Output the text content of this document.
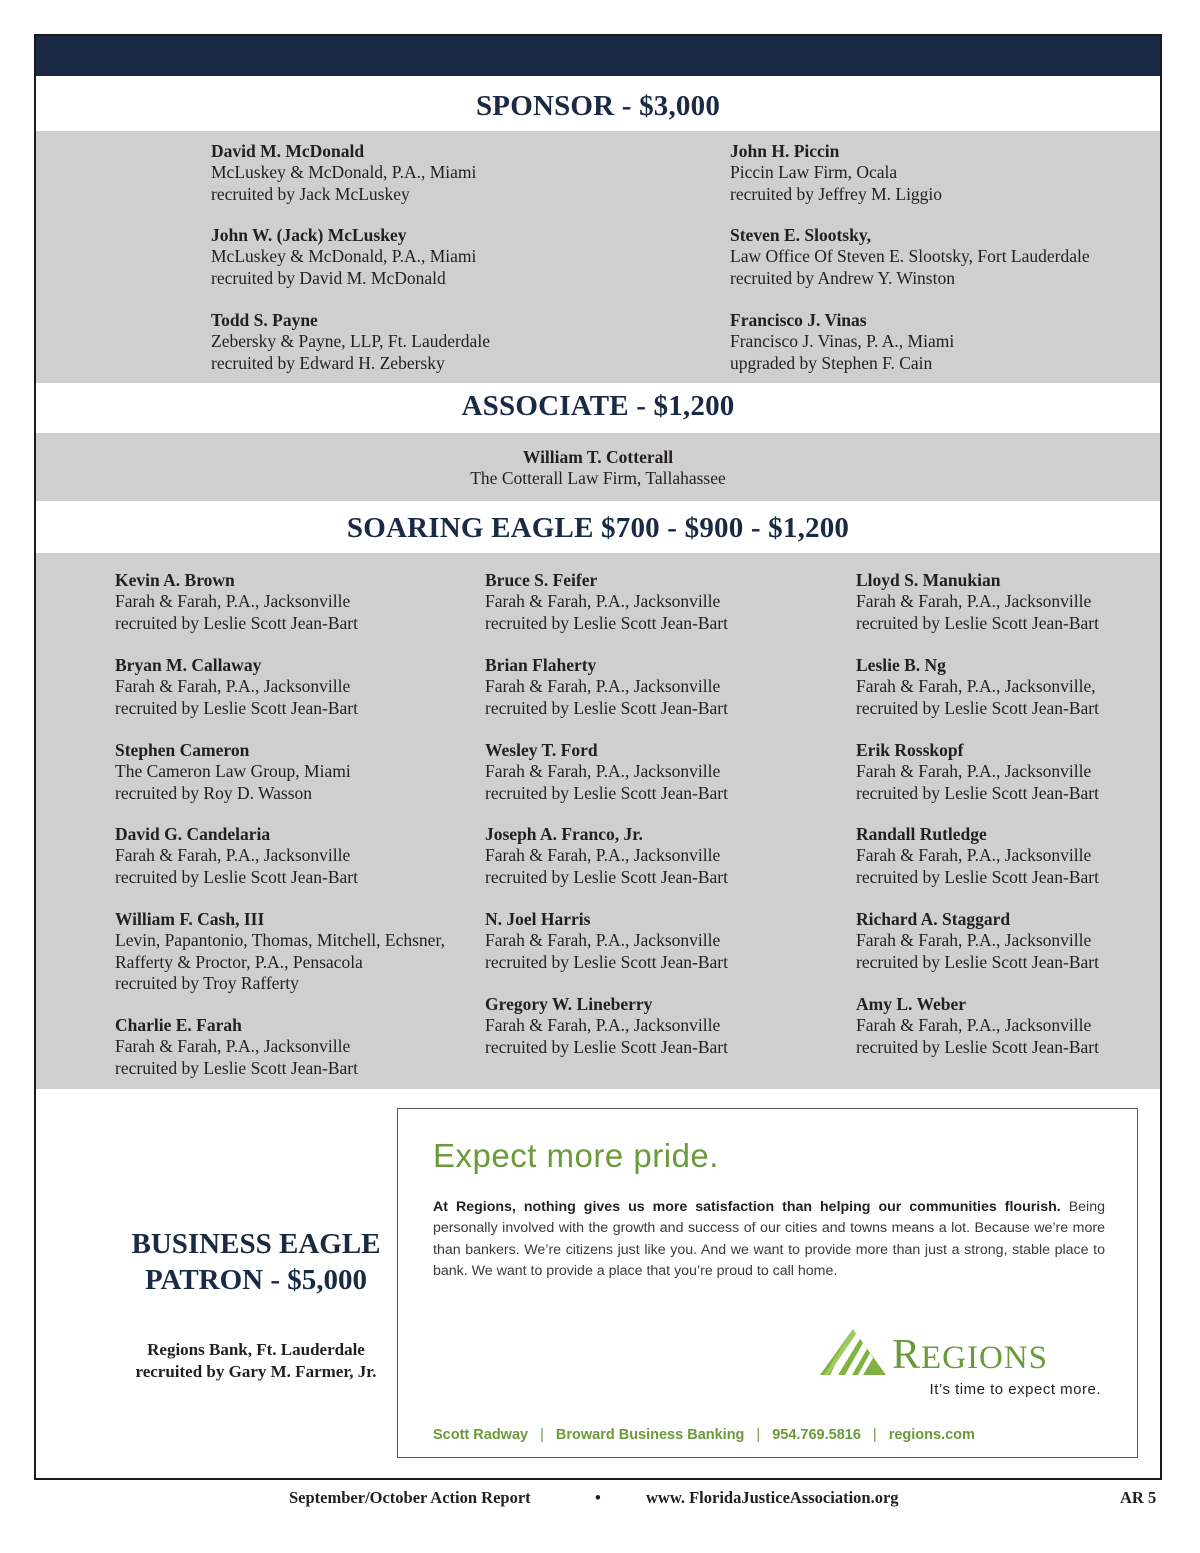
SPONSOR - $3,000
David M. McDonald
McLuskey & McDonald, P.A., Miami
recruited by Jack McLuskey
John W. (Jack) McLuskey
McLuskey & McDonald, P.A., Miami
recruited by David M. McDonald
Todd S. Payne
Zebersky & Payne, LLP, Ft. Lauderdale
recruited by Edward H. Zebersky
John H. Piccin
Piccin Law Firm, Ocala
recruited by Jeffrey M. Liggio
Steven E. Slootsky,
Law Office Of Steven E. Slootsky, Fort Lauderdale
recruited by Andrew Y. Winston
Francisco J. Vinas
Francisco J. Vinas, P. A., Miami
upgraded by Stephen F. Cain
ASSOCIATE - $1,200
William T. Cotterall
The Cotterall Law Firm, Tallahassee
SOARING EAGLE $700 - $900 - $1,200
Kevin A. Brown
Farah & Farah, P.A., Jacksonville
recruited by Leslie Scott Jean-Bart
Bryan M. Callaway
Farah & Farah, P.A., Jacksonville
recruited by Leslie Scott Jean-Bart
Stephen Cameron
The Cameron Law Group, Miami
recruited by Roy D. Wasson
David G. Candelaria
Farah & Farah, P.A., Jacksonville
recruited by Leslie Scott Jean-Bart
William F. Cash, III
Levin, Papantonio, Thomas, Mitchell, Echsner,
Rafferty & Proctor, P.A., Pensacola
recruited by Troy Rafferty
Charlie E. Farah
Farah & Farah, P.A., Jacksonville
recruited by Leslie Scott Jean-Bart
Bruce S. Feifer
Farah & Farah, P.A., Jacksonville
recruited by Leslie Scott Jean-Bart
Brian Flaherty
Farah & Farah, P.A., Jacksonville
recruited by Leslie Scott Jean-Bart
Wesley T. Ford
Farah & Farah, P.A., Jacksonville
recruited by Leslie Scott Jean-Bart
Joseph A. Franco, Jr.
Farah & Farah, P.A., Jacksonville
recruited by Leslie Scott Jean-Bart
N. Joel Harris
Farah & Farah, P.A., Jacksonville
recruited by Leslie Scott Jean-Bart
Gregory W. Lineberry
Farah & Farah, P.A., Jacksonville
recruited by Leslie Scott Jean-Bart
Lloyd S. Manukian
Farah & Farah, P.A., Jacksonville
recruited by Leslie Scott Jean-Bart
Leslie B. Ng
Farah & Farah, P.A., Jacksonville,
recruited by Leslie Scott Jean-Bart
Erik Rosskopf
Farah & Farah, P.A., Jacksonville
recruited by Leslie Scott Jean-Bart
Randall Rutledge
Farah & Farah, P.A., Jacksonville
recruited by Leslie Scott Jean-Bart
Richard A. Staggard
Farah & Farah, P.A., Jacksonville
recruited by Leslie Scott Jean-Bart
Amy L. Weber
Farah & Farah, P.A., Jacksonville
recruited by Leslie Scott Jean-Bart
BUSINESS EAGLE
PATRON - $5,000
Regions Bank, Ft. Lauderdale
recruited by Gary M. Farmer, Jr.
Expect more pride.
At Regions, nothing gives us more satisfaction than helping our communities flourish. Being personally involved with the growth and success of our cities and towns means a lot. Because we’re more than bankers. We’re citizens just like you. And we want to provide more than just a strong, stable place to bank. We want to provide a place that you’re proud to call home.
REGIONS
It’s time to expect more.
Scott Radway | Broward Business Banking | 954.769.5816 | regions.com
September/October Action Report	•	www. FloridaJusticeAssociation.org	AR 5
